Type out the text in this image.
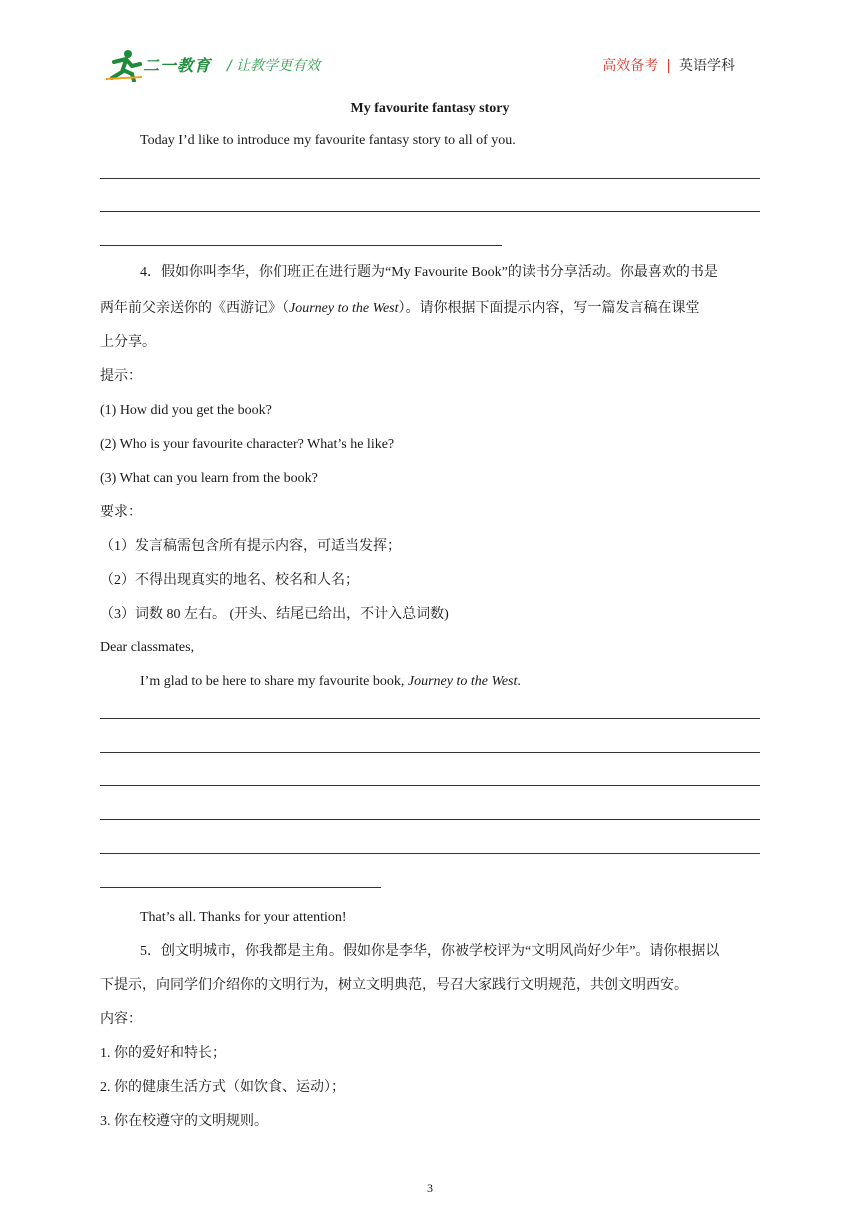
二一教育 / 让教学更有效	高效备考 | 英语学科
My favourite fantasy story
Today I’d like to introduce my favourite fantasy story to all of you.
4．假如你叫李华，你们班正在进行题为“My Favourite Book”的读书分享活动。你最喜欢的书是
两年前父亲送你的《西游记》（Journey to the West）。请你根据下面提示内容，写一篇发言稿在课堂
上分享。
提示：
(1) How did you get the book?
(2) Who is your favourite character? What’s he like?
(3) What can you learn from the book?
要求：
（1）发言稿需包含所有提示内容，可适当发挥；
（2）不得出现真实的地名、校名和人名；
（3）词数 80 左右。 (开头、结尾已给出，不计入总词数)
Dear classmates,
I’m glad to be here to share my favourite book, Journey to the West.
That’s all. Thanks for your attention!
5．创文明城市，你我都是主角。假如你是李华，你被学校评为“文明风尚好少年”。请你根据以
下提示，向同学们介绍你的文明行为，树立文明典范，号召大家践行文明规范，共创文明西安。
内容：
1. 你的爱好和特长；
2. 你的健康生活方式（如饮食、运动）；
3. 你在校遵守的文明规则。
3
